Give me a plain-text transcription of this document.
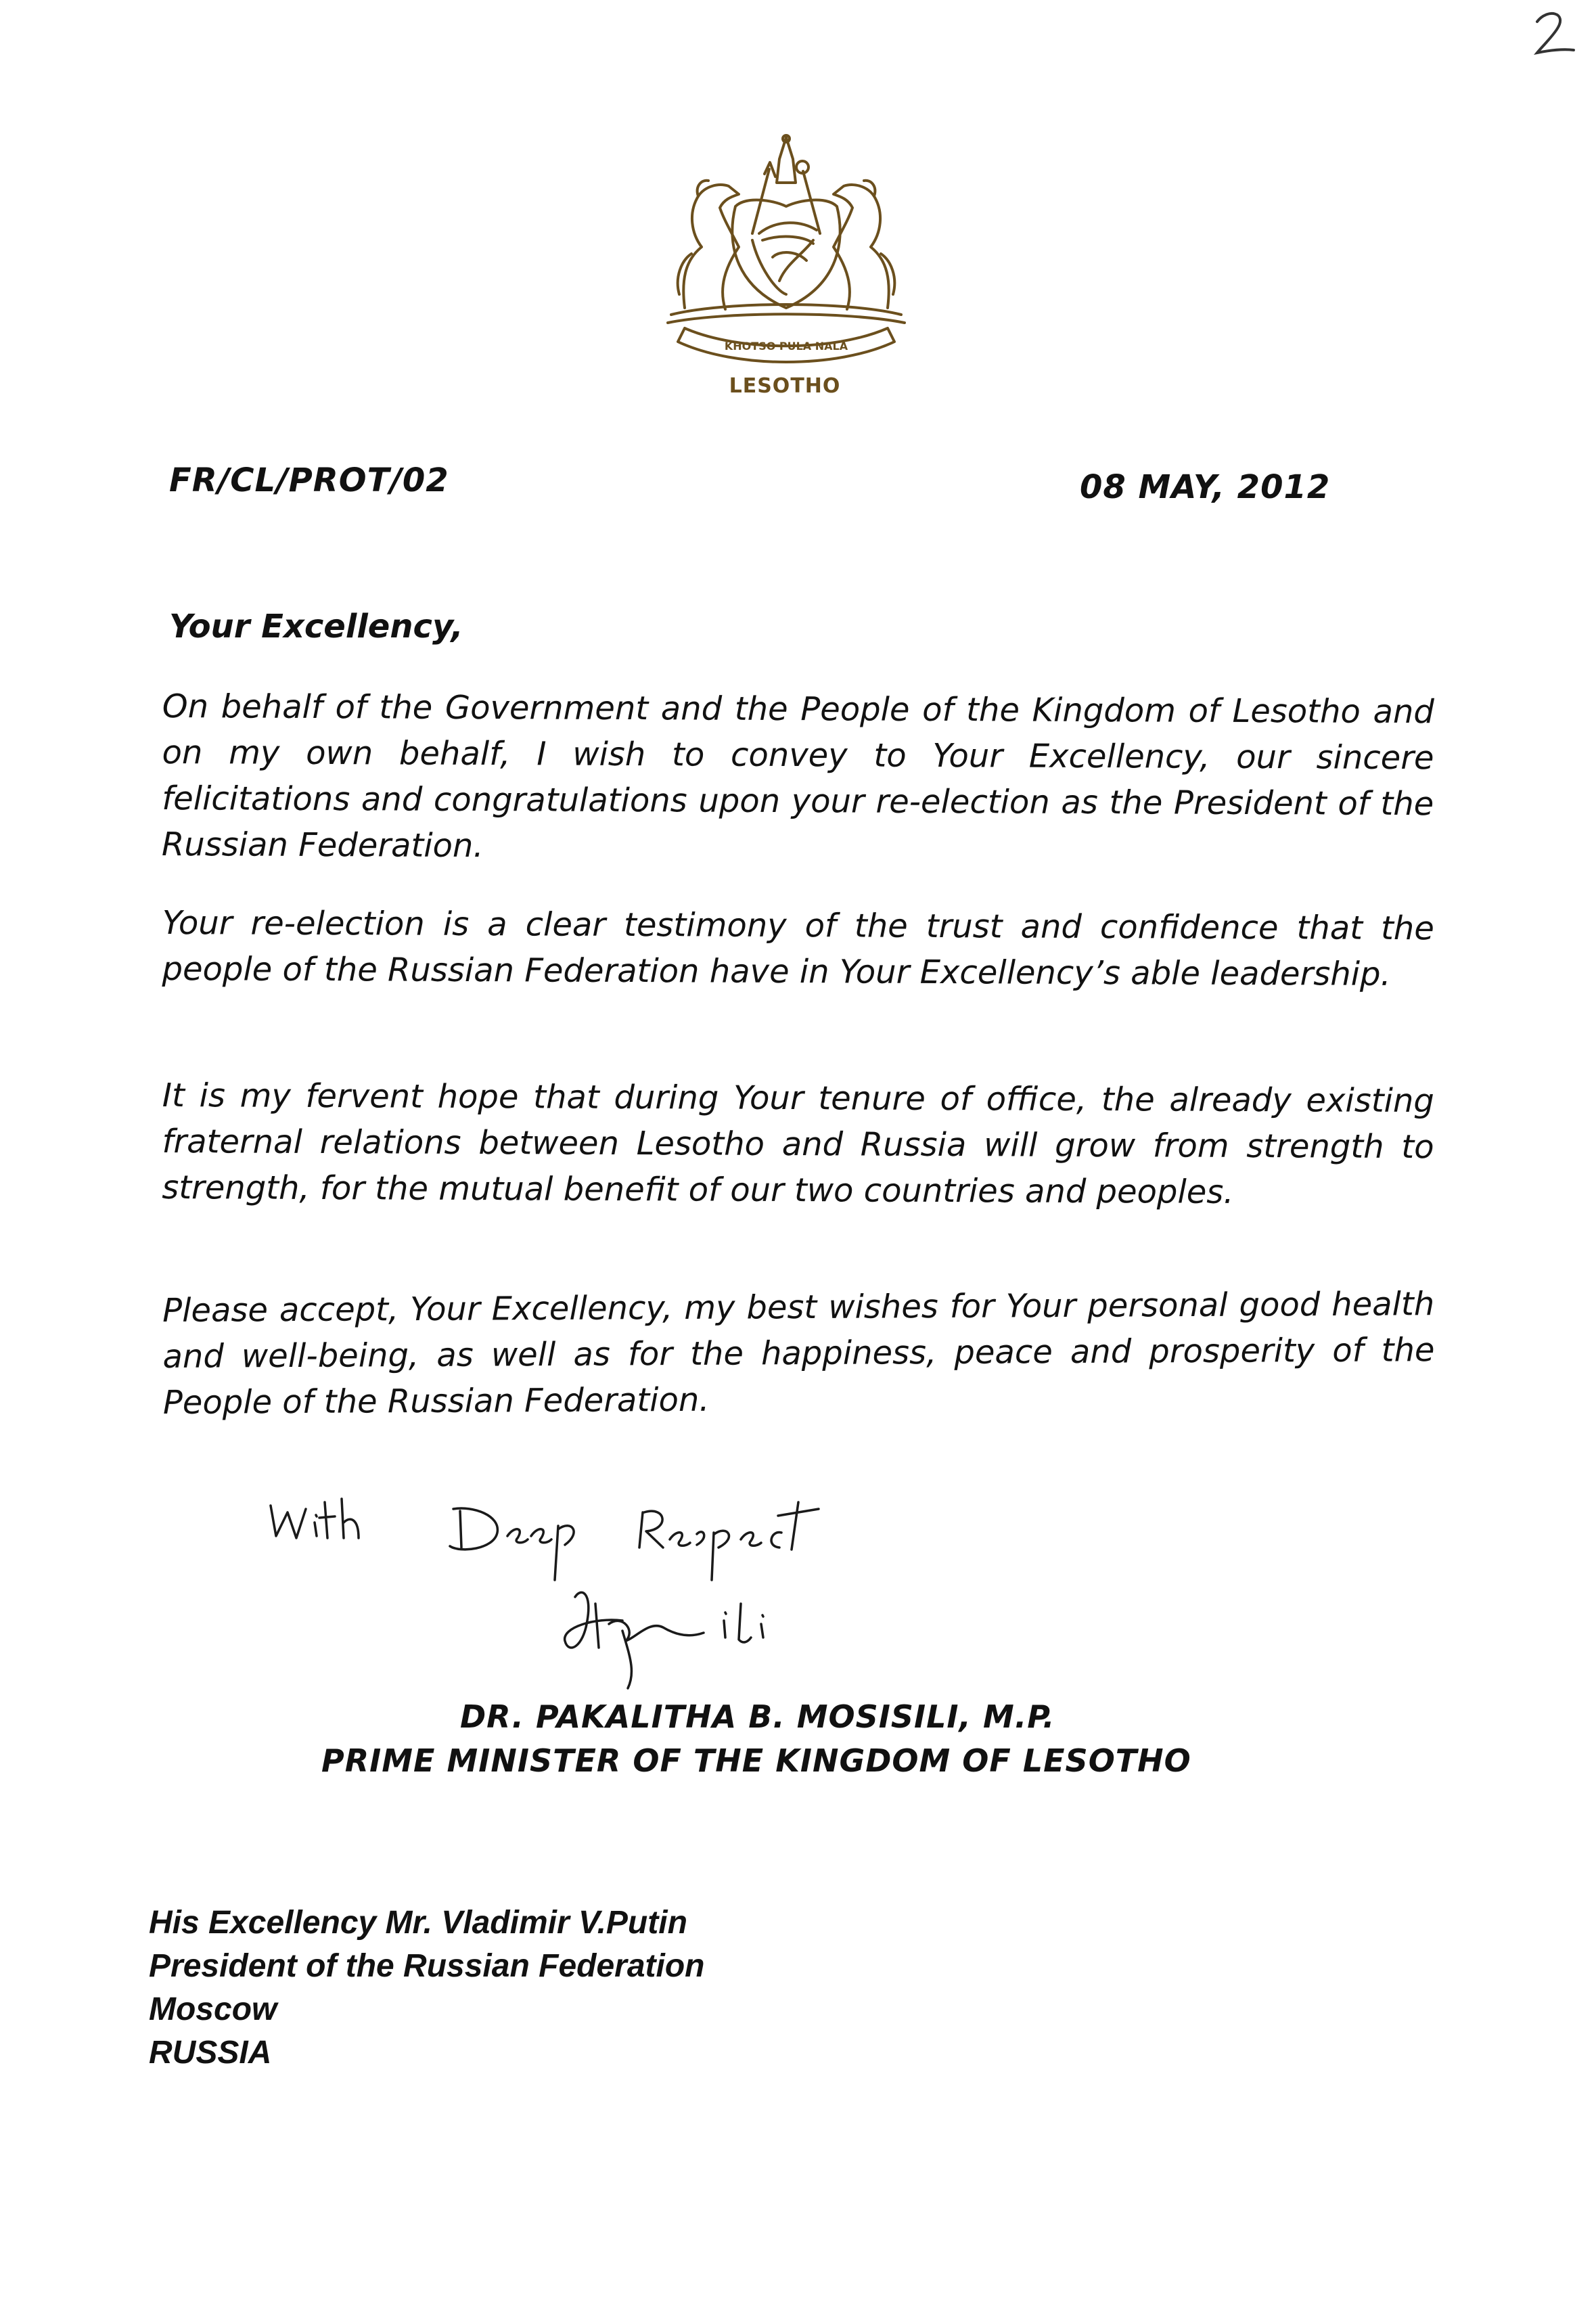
KHOTSO PULA NALA
LESOTHO
FR/CL/PROT/02	08 MAY, 2012
Your Excellency,
On behalf of the Government and the People of the Kingdom of Lesotho and on my own behalf, I wish to convey to Your Excellency, our sincere felicitations and congratulations upon your re-election as the President of the Russian Federation.
Your re-election is a clear testimony of the trust and confidence that the people of the Russian Federation have in Your Excellency’s able leadership.
It is my fervent hope that during Your tenure of office, the already existing fraternal relations between Lesotho and Russia will grow from strength to strength, for the mutual benefit of our two countries and peoples.
Please accept, Your Excellency, my best wishes for Your personal good health and well-being, as well as for the happiness, peace and prosperity of the People of the Russian Federation.
DR. PAKALITHA B. MOSISILI, M.P.
PRIME MINISTER OF THE KINGDOM OF LESOTHO
His Excellency Mr. Vladimir V.Putin
President of the Russian Federation
Moscow
RUSSIA
